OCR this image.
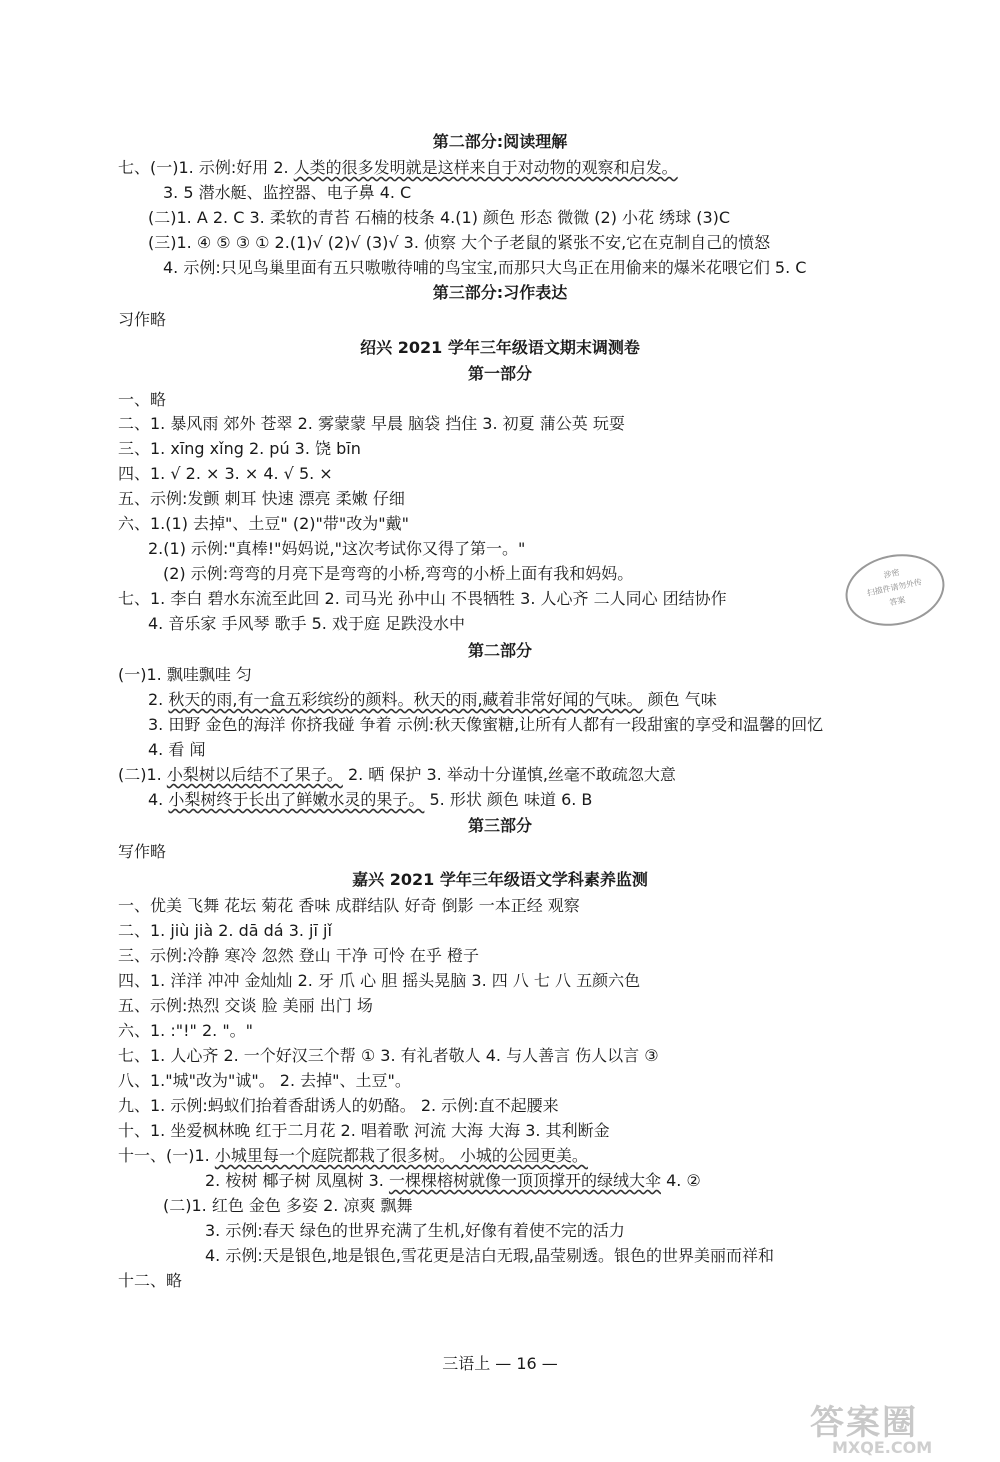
第二部分:阅读理解
七、(一)1. 示例:好用 2. 人类的很多发明就是这样来自于对动物的观察和启发。
3. 5 潜水艇、监控器、电子鼻 4. C
(二)1. A 2. C 3. 柔软的青苔 石楠的枝条 4.(1) 颜色 形态 微微 (2) 小花 绣球 (3)C
(三)1. ④ ⑤ ③ ① 2.(1)√ (2)√ (3)√ 3. 侦察 大个子老鼠的紧张不安,它在克制自己的愤怒
4. 示例:只见鸟巢里面有五只嗷嗷待哺的鸟宝宝,而那只大鸟正在用偷来的爆米花喂它们 5. C
第三部分:习作表达
习作略
绍兴 2021 学年三年级语文期末调测卷
第一部分
一、略
二、1. 暴风雨 郊外 苍翠 2. 雾蒙蒙 早晨 脑袋 挡住 3. 初夏 蒲公英 玩耍
三、1. xīng xǐng 2. pú 3. 饶 bīn
四、1. √ 2. × 3. × 4. √ 5. ×
五、示例:发颤 刺耳 快速 漂亮 柔嫩 仔细
六、1.(1) 去掉"、土豆" (2)"带"改为"戴"
2.(1) 示例:"真棒!"妈妈说,"这次考试你又得了第一。"
(2) 示例:弯弯的月亮下是弯弯的小桥,弯弯的小桥上面有我和妈妈。
七、1. 李白 碧水东流至此回 2. 司马光 孙中山 不畏牺牲 3. 人心齐 二人同心 团结协作
4. 音乐家 手风琴 歌手 5. 戏于庭 足跌没水中
第二部分
(一)1. 飘哇飘哇 匀
2. 秋天的雨,有一盒五彩缤纷的颜料。秋天的雨,藏着非常好闻的气味。 颜色 气味
3. 田野 金色的海洋 你挤我碰 争着 示例:秋天像蜜糖,让所有人都有一段甜蜜的享受和温馨的回忆
4. 看 闻
(二)1. 小梨树以后结不了果子。 2. 晒 保护 3. 举动十分谨慎,丝毫不敢疏忽大意
4. 小梨树终于长出了鲜嫩水灵的果子。 5. 形状 颜色 味道 6. B
第三部分
写作略
嘉兴 2021 学年三年级语文学科素养监测
一、优美 飞舞 花坛 菊花 香味 成群结队 好奇 倒影 一本正经 观察
二、1. jiù jià 2. dā dá 3. jī jǐ
三、示例:冷静 寒冷 忽然 登山 干净 可怜 在乎 橙子
四、1. 洋洋 冲冲 金灿灿 2. 牙 爪 心 胆 摇头晃脑 3. 四 八 七 八 五颜六色
五、示例:热烈 交谈 脸 美丽 出门 场
六、1. :"!" 2. "。"
七、1. 人心齐 2. 一个好汉三个帮 ① 3. 有礼者敬人 4. 与人善言 伤人以言 ③
八、1."城"改为"诚"。 2. 去掉"、土豆"。
九、1. 示例:蚂蚁们抬着香甜诱人的奶酪。 2. 示例:直不起腰来
十、1. 坐爱枫林晚 红于二月花 2. 唱着歌 河流 大海 大海 3. 其利断金
十一、(一)1. 小城里每一个庭院都栽了很多树。 小城的公园更美。
2. 桉树 椰子树 凤凰树 3. 一棵棵榕树就像一顶顶撑开的绿绒大伞 4. ②
(二)1. 红色 金色 多姿 2. 凉爽 飘舞
3. 示例:春天 绿色的世界充满了生机,好像有着使不完的活力
4. 示例:天是银色,地是银色,雪花更是洁白无瑕,晶莹剔透。银色的世界美丽而祥和
十二、略
涉密
扫描件请勿外传
答案
三语上 — 16 —
答案圈
MXQE.COM
